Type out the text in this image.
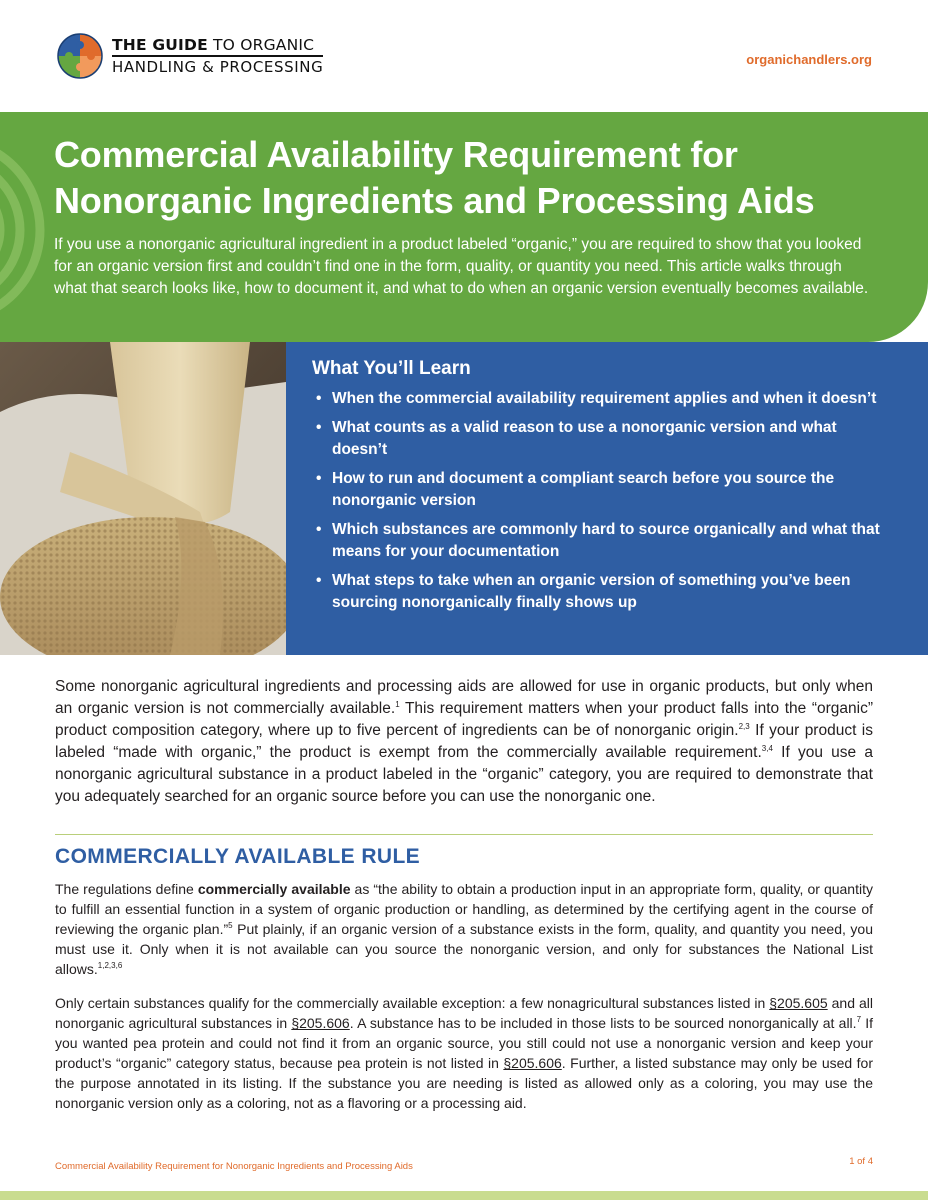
THE GUIDE TO ORGANIC
HANDLING & PROCESSING	organichandlers.org
Commercial Availability Requirement for
Nonorganic Ingredients and Processing Aids

If you use a nonorganic agricultural ingredient in a product labeled “organic,” you are required to show that you looked for an organic version first and couldn’t find one in the form, quality, or quantity you need. This article walks through what that search looks like, how to document it, and what to do when an organic version eventually becomes available.

What You’ll Learn
• When the commercial availability requirement applies and when it doesn’t
• What counts as a valid reason to use a nonorganic version and what doesn’t
• How to run and document a compliant search before you source the nonorganic version
• Which substances are commonly hard to source organically and what that means for your documentation
• What steps to take when an organic version of something you’ve been sourcing nonorganically finally shows up

Some nonorganic agricultural ingredients and processing aids are allowed for use in organic products, but only when an organic version is not commercially available.$^1$ This requirement matters when your product falls into the “organic” product composition category, where up to five percent of ingredients can be of nonorganic origin.$^{2,3}$ If your product is labeled “made with organic,” the product is exempt from the commercially available requirement.$^{3,4}$ If you use a nonorganic agricultural substance in a product labeled in the “organic” category, you are required to demonstrate that you adequately searched for an organic source before you can use the nonorganic one.

COMMERCIALLY AVAILABLE RULE

The regulations define commercially available as “the ability to obtain a production input in an appropriate form, quality, or quantity to fulfill an essential function in a system of organic production or handling, as determined by the certifying agent in the course of reviewing the organic plan.”$^5$ Put plainly, if an organic version of a substance exists in the form, quality, and quantity you need, you must use it. Only when it is not available can you source the nonorganic version, and only for substances the National List allows.$^{1,2,3,6}$

Only certain substances qualify for the commercially available exception: a few nonagricultural substances listed in §205.605 and all nonorganic agricultural substances in §205.606. A substance has to be included in those lists to be sourced nonorganically at all.$^7$ If you wanted pea protein and could not find it from an organic source, you still could not use a nonorganic version and keep your product’s “organic” category status, because pea protein is not listed in §205.606. Further, a listed substance may only be used for the purpose annotated in its listing. If the substance you are needing is listed as allowed only as a coloring, you may use the nonorganic version only as a coloring, not as a flavoring or a processing aid.

Commercial Availability Requirement for Nonorganic Ingredients and Processing Aids	1 of 4
